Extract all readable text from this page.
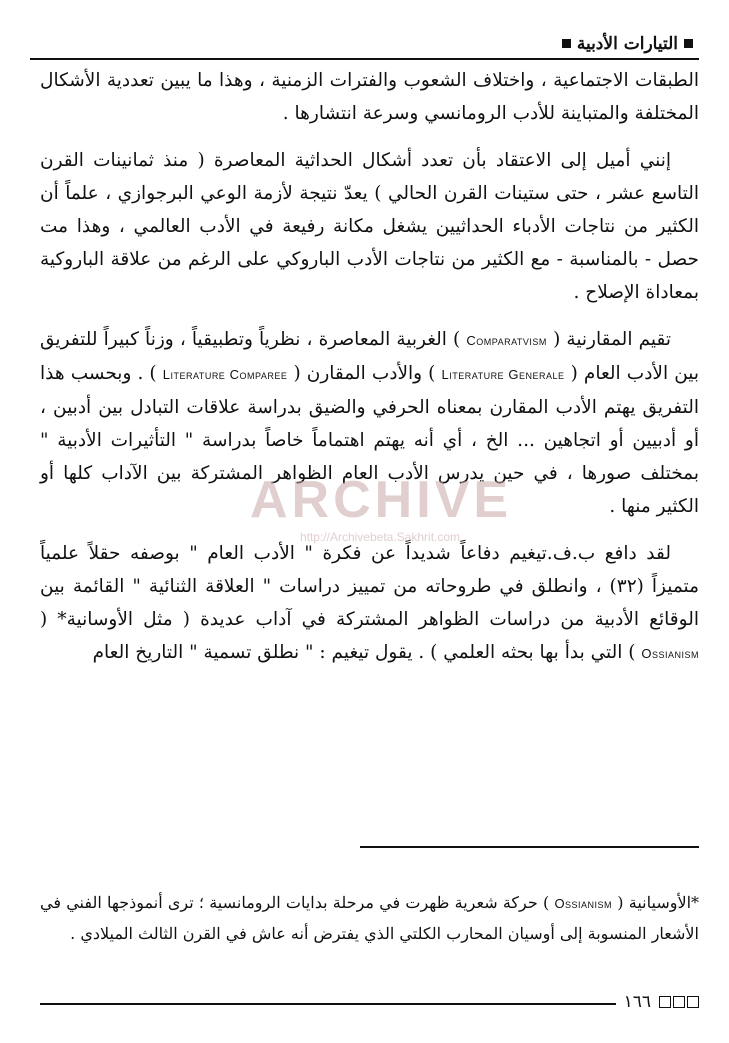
التيارات الأدبية

الطبقات الاجتماعية ، واختلاف الشعوب والفترات الزمنية ، وهذا ما يبين تعددية الأشكال المختلفة والمتباينة للأدب الرومانسي وسرعة انتشارها .

إنني أميل إلى الاعتقاد بأن تعدد أشكال الحداثية المعاصرة ( منذ ثمانينات القرن التاسع عشر ، حتى ستينات القرن الحالي ) يعدّ نتيجة لأزمة الوعي البرجوازي ، علماً أن الكثير من نتاجات الأدباء الحداثيين يشغل مكانة رفيعة في الأدب العالمي ، وهذا مت حصل - بالمناسبة - مع الكثير من نتاجات الأدب الباروكي على الرغم من علاقة الباروكية بمعاداة الإصلاح .

تقيم المقارنية ( Comparatvism ) الغربية المعاصرة ، نظرياً وتطبيقياً ، وزناً كبيراً للتفريق بين الأدب العام ( Literature Generale ) والأدب المقارن ( Literature Comparee ) . وبحسب هذا التفريق يهتم الأدب المقارن بمعناه الحرفي والضيق بدراسة علاقات التبادل بين أدبين ، أو أدبيين أو اتجاهين ... الخ ، أي أنه يهتم اهتماماً خاصاً بدراسة " التأثيرات الأدبية " بمختلف صورها ، في حين يدرس الأدب العام الظواهر المشتركة بين الآداب كلها أو الكثير منها .

لقد دافع ب.ف.تيغيم دفاعاً شديداً عن فكرة " الأدب العام " بوصفه حقلاً علمياً متميزاً (٣٢) ، وانطلق في طروحاته من تمييز دراسات " العلاقة الثنائية " القائمة بين الوقائع الأدبية من دراسات الظواهر المشتركة في آداب عديدة ( مثل الأوسانية* ( Ossianism ) التي بدأ بها بحثه العلمي ) . يقول تيغيم : " نطلق تسمية " التاريخ العام

ARCHIVE
http://Archivebeta.Sakhrit.com
*الأوسيانية ( Ossianism ) حركة شعرية ظهرت في مرحلة بدايات الرومانسية ؛ ترى أنموذجها الفني في الأشعار المنسوبة إلى أوسيان المحارب الكلتي الذي يفترض أنه عاش في القرن الثالث الميلادي .
١٦٦
